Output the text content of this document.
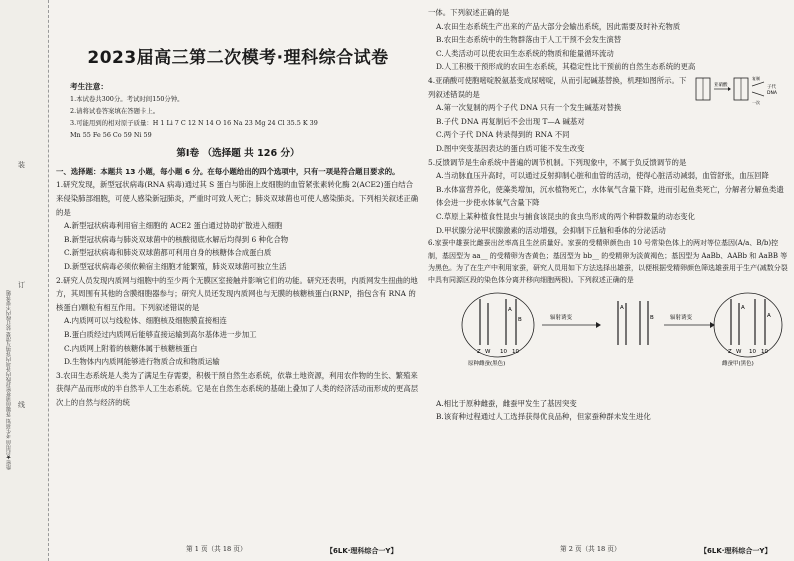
绝密★启用前 考生须知 答题前请将密封线内各项内容填写清楚 装订线内不要答题
装
订
线
2023届高三第二次模考·理科综合试卷
考生注意：
1.本试卷共300分。考试时间150分钟。
2.请将试卷答案填在答题卡上。
3.可能用到的相对原子质量：H 1 Li 7 C 12 N 14 O 16 Na 23 Mg 24 Cl 35.5 K 39
Mn 55 Fe 56 Co 59 Ni 59
第Ⅰ卷 （选择题 共 126 分）
一、选择题：本题共 13 小题，每小题 6 分。在每小题给出的四个选项中，只有一项是符合题目要求的。
1.研究发现，新型冠状病毒(RNA 病毒)通过其 S 蛋白与肺泡上皮细胞的血管紧张素转化酶 2(ACE2)蛋白结合来侵染肺部细胞，可使人感染新冠肺炎，严重时可致人死亡；肺炎双球菌也可使人感染肺炎。下列相关叙述正确的是
A.新型冠状病毒利用宿主细胞的 ACE2 蛋白通过协助扩散进入细胞
B.新型冠状病毒与肺炎双球菌中的核酸彻底水解后均得到 6 种化合物
C.新型冠状病毒和肺炎双球菌都可利用自身的核糖体合成蛋白质
D.新型冠状病毒必须依赖宿主细胞才能繁殖，肺炎双球菌可独立生活
2.研究人员发现内质网与细胞中的至少两个无膜区室接触并影响它们的功能。研究还表明，内质网发生扭曲的地方，其周围有其他的含膜细胞器参与；研究人员还发现内质网也与无膜的核糖核蛋白(RNP，指包含有 RNA 的核蛋白)颗粒有相互作用。下列叙述错误的是
A.内质网可以与线粒体、细胞核及细胞膜直接相连
B.蛋白质经过内质网后能够直接运输到高尔基体进一步加工
C.内质网上附着的核糖体属于核糖核蛋白
D.生物体内内质网能够进行物质合成和物质运输
3.农田生态系统是人类为了满足生存需要，积极干预自然生态系统，依靠土地资源，利用农作物的生长、繁殖来获得产品而形成的半自然半人工生态系统。它是在自然生态系统的基础上叠加了人类的经济活动而形成的更高层次上的自然与经济的统
第 1 页（共 18 页）	【6LK·理科综合一Y】
一体。下列叙述正确的是
A.农田生态系统生产出来的产品大部分会输出系统，因此需要及时补充物质
B.农田生态系统中的生物群落由于人工干预不会发生演替
C.人类活动可以使农田生态系统的物质和能量循环流动
D.人工积极干预形成的农田生态系统，其稳定性比干预前的自然生态系统的更高
4.亚硝酸可使胞嘧啶脱氨基变成尿嘧啶，从而引起碱基替换，机理如图所示。下列叙述错误的是
亚硝酸
复制
一次
子代
DNA
A.第一次复制的两个子代 DNA 只有一个发生碱基对替换
B.子代 DNA 再复制后不会出现 T—A 碱基对
C.两个子代 DNA 转录得到的 RNA 不同
D.图中突变基因表达的蛋白质可能不发生改变
5.反馈调节是生命系统中普遍的调节机制。下列现象中，不属于负反馈调节的是
A.当动脉血压升高时，可以通过反射抑制心脏和血管的活动，使得心脏活动减弱，血管舒张，血压回降
B.水体富营养化，使藻类增加，沉水植物死亡，水体氧气含量下降，进而引起鱼类死亡，分解者分解鱼类遗体会进一步使水体氧气含量下降
C.草原上某种植食性昆虫与捕食该昆虫的食虫鸟形成的两个种群数量的动态变化
D.甲状腺分泌甲状腺激素的活动增强，会抑制下丘脑和垂体的分泌活动
6.家蚕中雄蚕比雌蚕出丝率高且生丝质量好。家蚕的受精卵颜色由 10 号常染色体上的两对等位基因(A/a、B/b)控制，基因型为 aa__ 的受精卵为杏黄色；基因型为 bb__ 的受精卵为淡黄褐色；基因型为 AaBb、AABb 和 AaBB 等为黑色。为了在生产中利用家蚕，研究人员用如下方法选择出雄蚕，以便根据受精卵颜色筛选雄蚕用于生产(减数分裂中具有同源区段的染色体分离并移向细胞两极)。下列叙述正确的是
Z W 10 10
A
B	辐射诱变
A
B	辐射诱变
Z W 10 10
A
A
原种雌蚕(黑色)	雌蚕甲(黑色)
A.相比于原种雌蚕，雌蚕甲发生了基因突变
B.该育种过程通过人工选择获得优良品种，但家蚕种群未发生进化
第 2 页（共 18 页）	【6LK·理科综合一Y】
